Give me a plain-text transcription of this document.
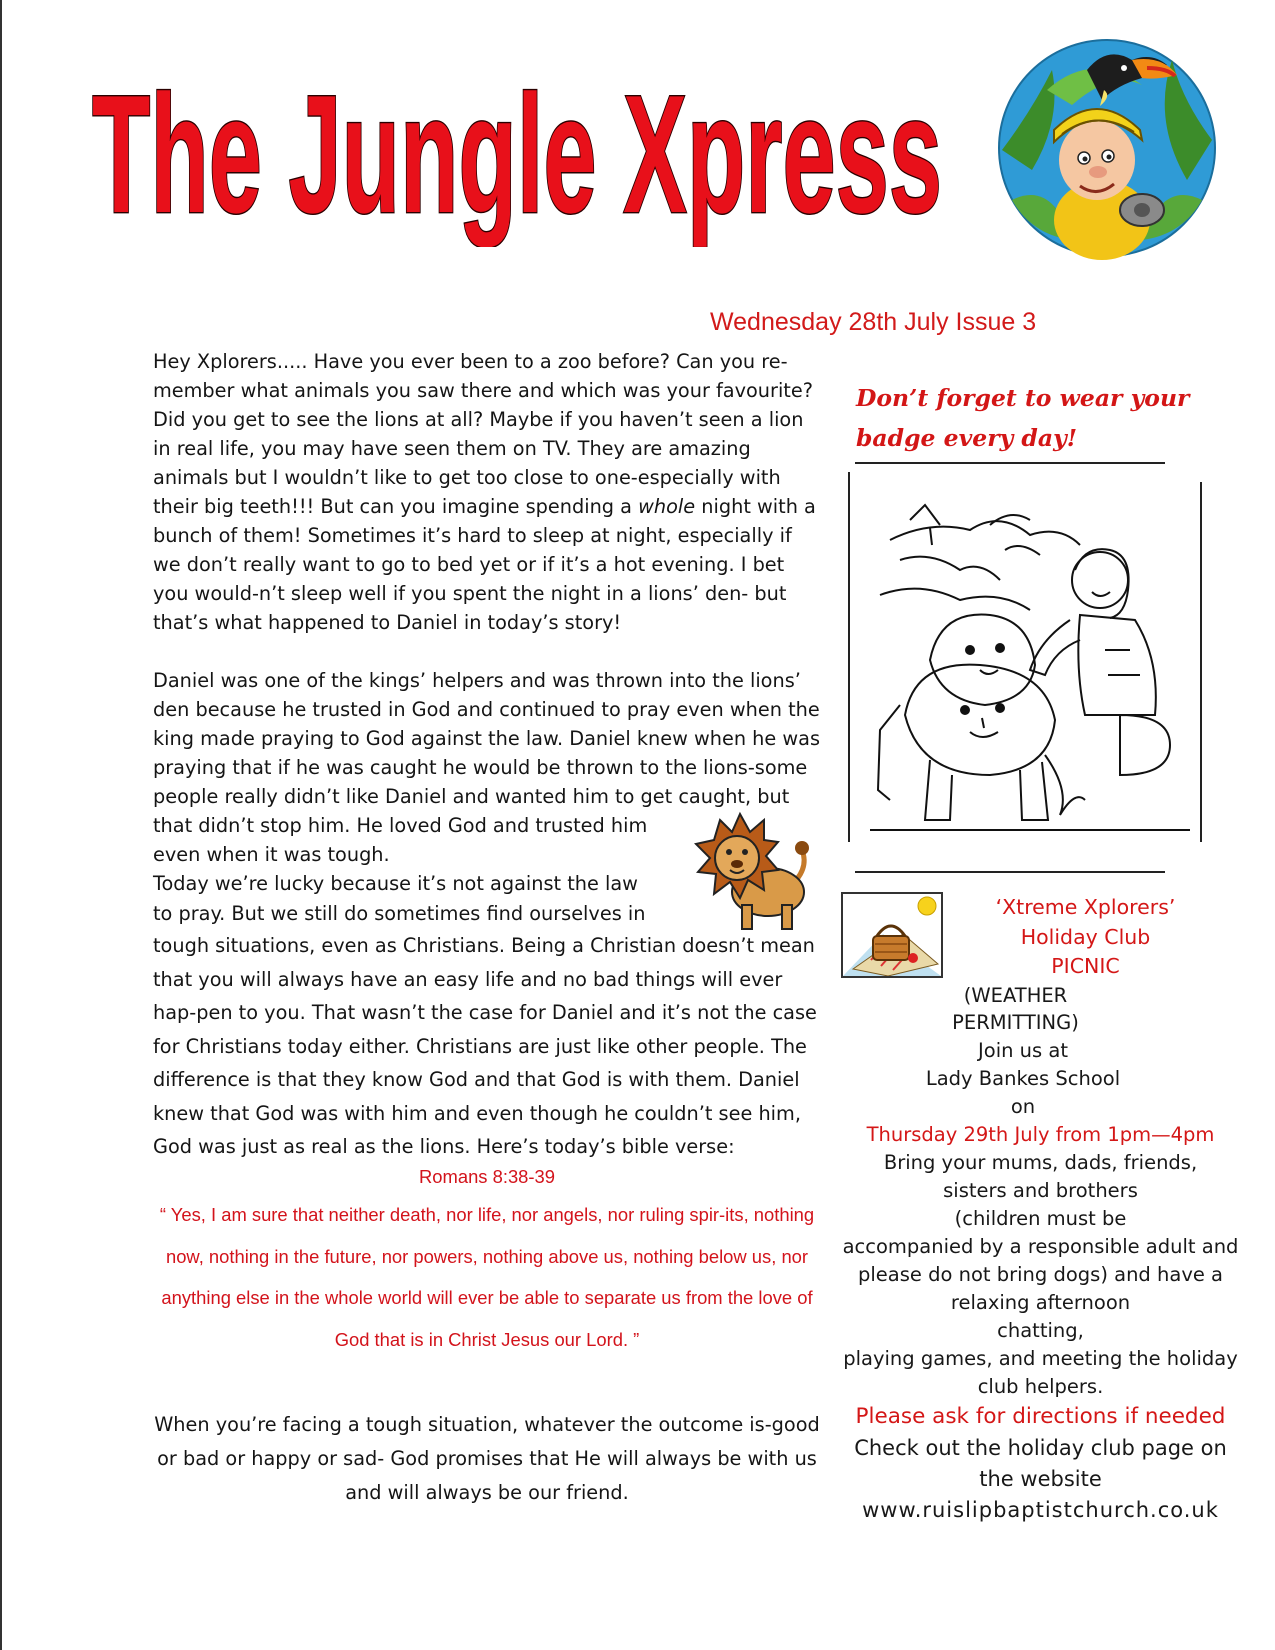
The Jungle Xpress
Wednesday 28th July Issue 3

Hey Xplorers..... Have you ever been to a zoo before? Can you re-member what animals you saw there and which was your favourite? Did you get to see the lions at all? Maybe if you haven’t seen a lion in real life, you may have seen them on TV. They are amazing animals but I wouldn’t like to get too close to one-especially with their big teeth!!! But can you imagine spending a whole night with a bunch of them! Sometimes it’s hard to sleep at night, especially if we don’t really want to go to bed yet or if it’s a hot evening. I bet you would-n’t sleep well if you spent the night in a lions’ den- but that’s what happened to Daniel in today’s story!

Daniel was one of the kings’ helpers and was thrown into the lions’ den because he trusted in God and continued to pray even when the king made praying to God against the law. Daniel knew when he was praying that if he was caught he would be thrown to the lions-some people really didn’t like Daniel and wanted him to get caught, but
that didn’t stop him. He loved God and trusted him even when it was tough.

Today we’re lucky because it’s not against the law to pray. But we still do sometimes find ourselves in
tough situations, even as Christians. Being a Christian doesn’t mean that you will always have an easy life and no bad things will ever hap-pen to you. That wasn’t the case for Daniel and it’s not the case for Christians today either. Christians are just like other people. The difference is that they know God and that God is with them. Daniel knew that God was with him and even though he couldn’t see him, God was just as real as the lions. Here’s today’s bible verse:

Romans 8:38-39
“ Yes, I am sure that neither death, nor life, nor angels, nor ruling spir-its, nothing now, nothing in the future, nor powers, nothing above us, nothing below us, nor anything else in the whole world will ever be able to separate us from the love of God that is in Christ Jesus our Lord. ”
When you’re facing a tough situation, whatever the outcome is-good or bad or happy or sad- God promises that He will always be with us and will always be our friend.
Don’t forget to wear your badge every day!
‘Xtreme Xplorers’
Holiday Club
PICNIC
(WEATHER
PERMITTING)
Join us at
Lady Bankes School
on
Thursday 29th July from 1pm—4pm
Bring your mums, dads, friends,
sisters and brothers
(children must be
accompanied by a responsible adult and
please do not bring dogs) and have a
relaxing afternoon
chatting,
playing games, and meeting the holiday
club helpers.
Please ask for directions if needed
Check out the holiday club page on
the website
www.ruislipbaptistchurch.co.uk
